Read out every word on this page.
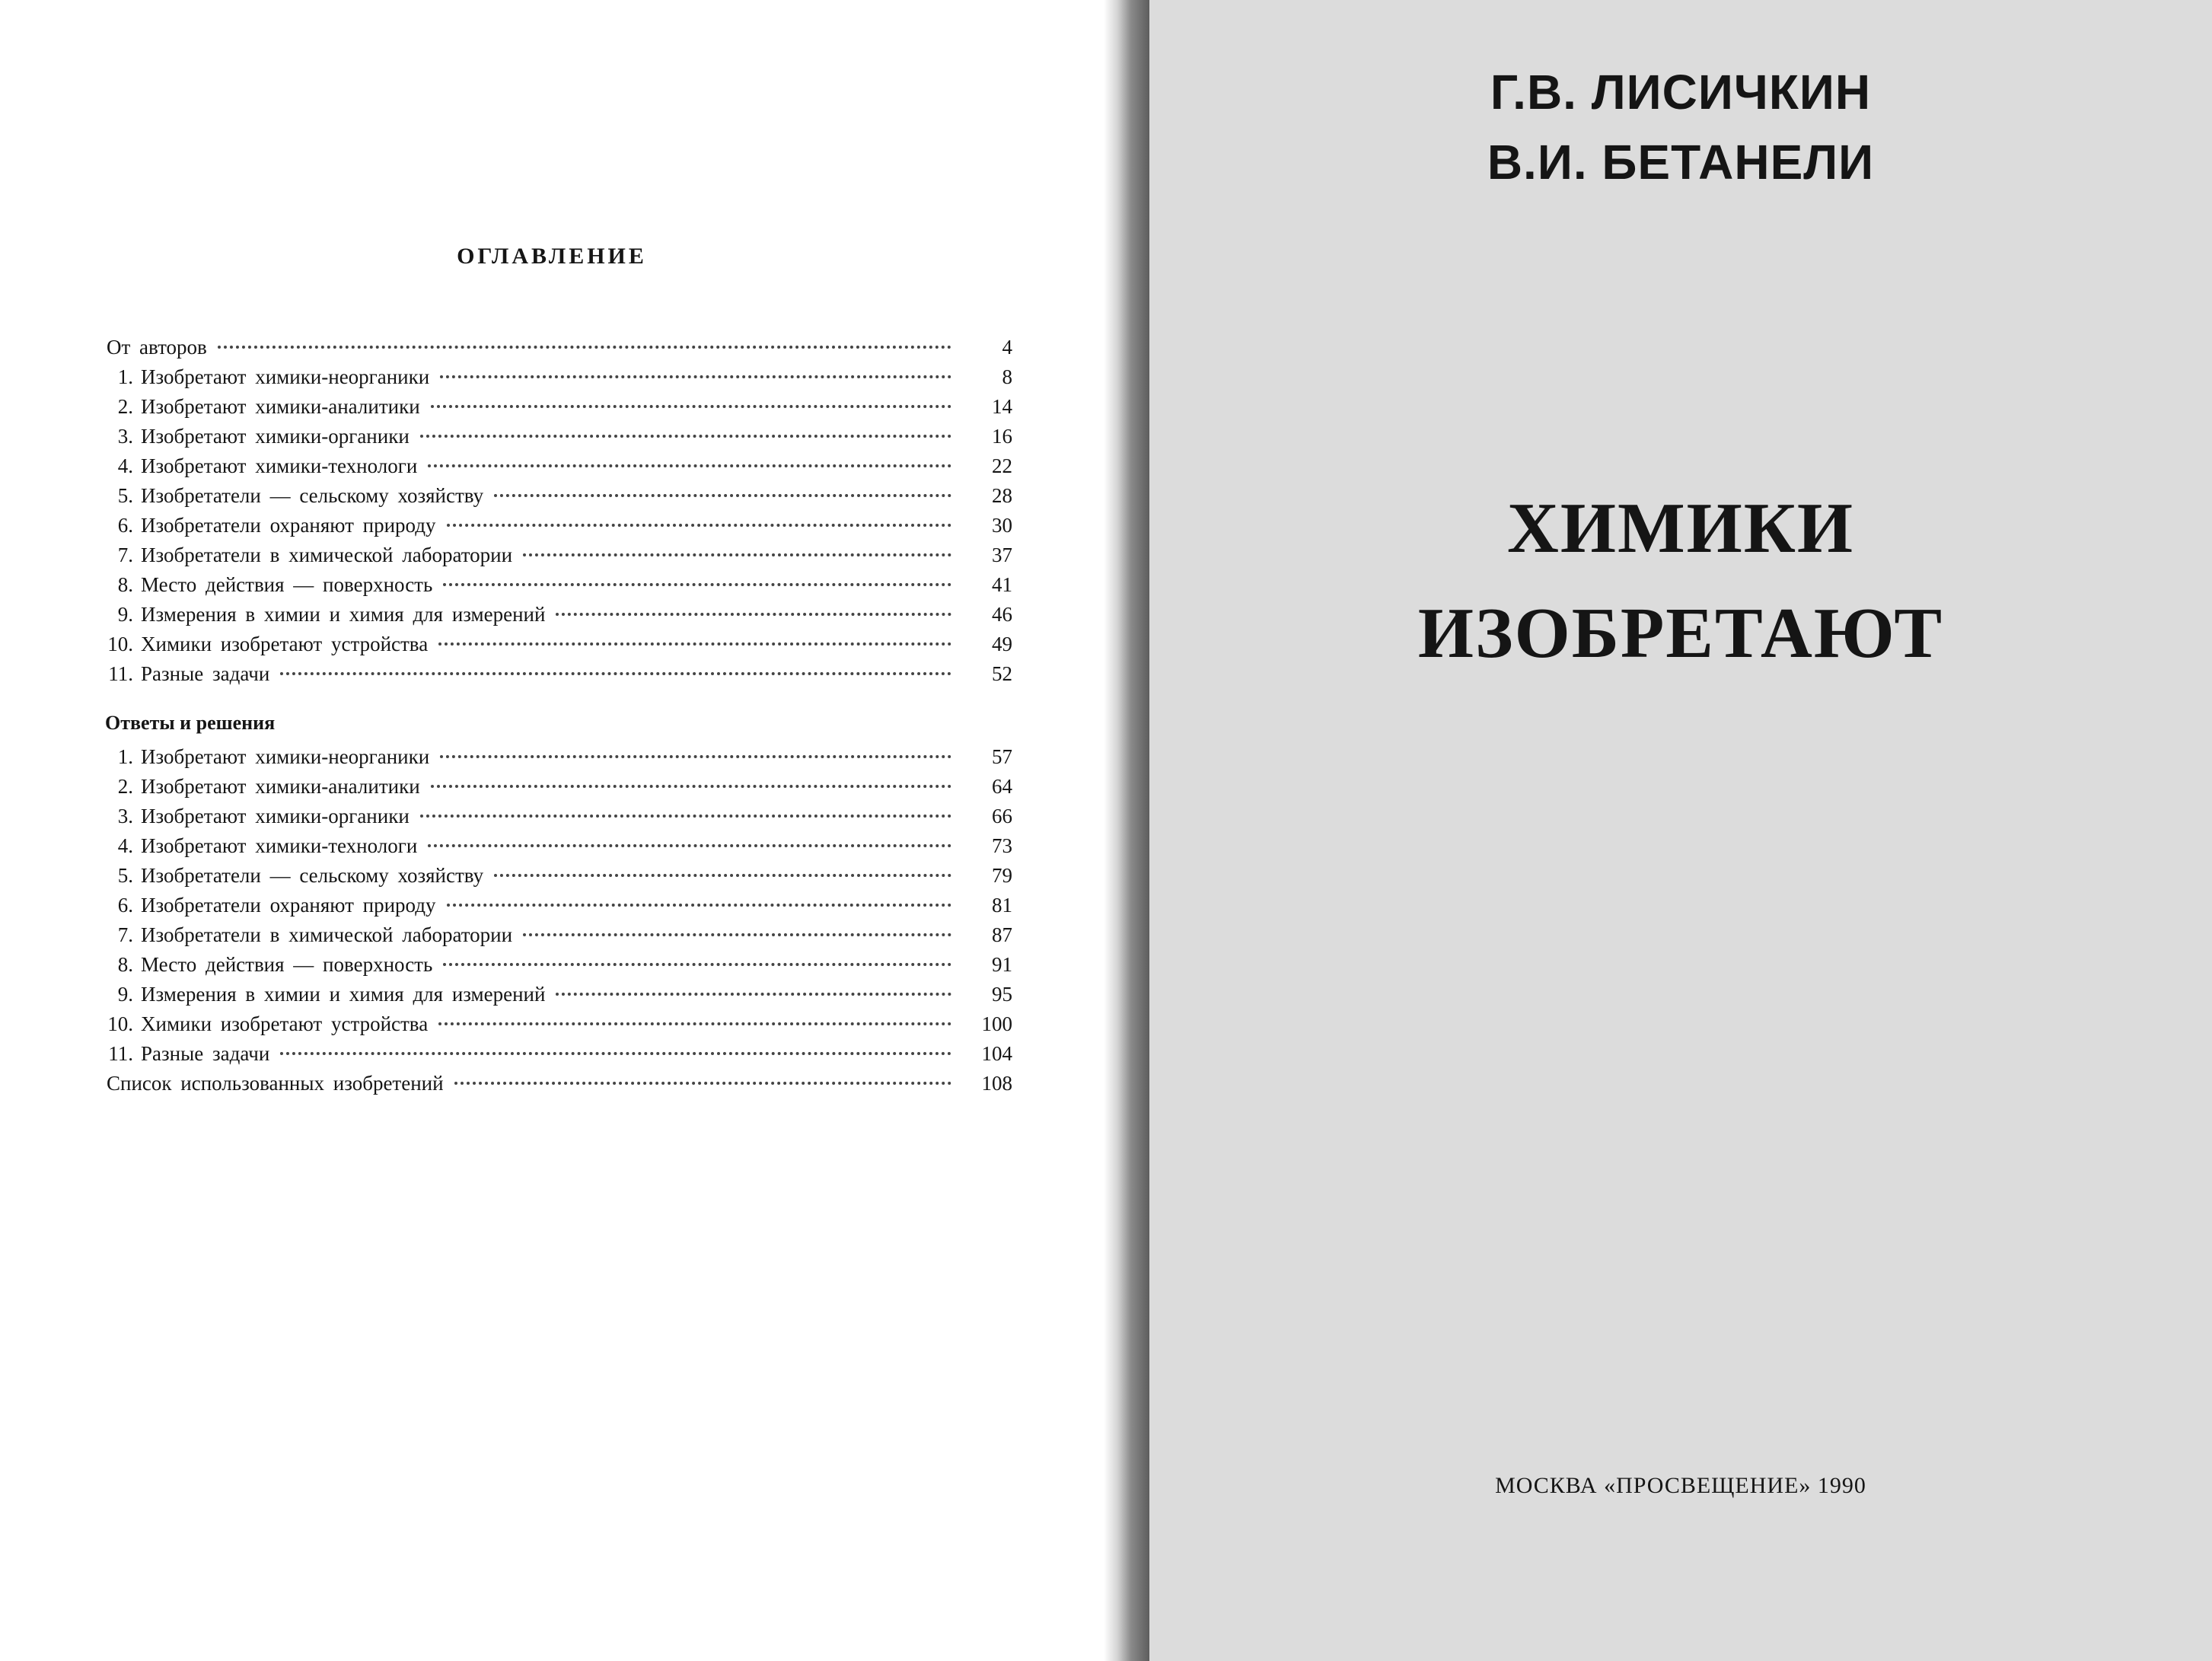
ОГЛАВЛЕНИЕ
От авторов	4
1. Изобретают химики-неорганики	8
2. Изобретают химики-аналитики	14
3. Изобретают химики-органики	16
4. Изобретают химики-технологи	22
5. Изобретатели — сельскому хозяйству	28
6. Изобретатели охраняют природу	30
7. Изобретатели в химической лаборатории	37
8. Место действия — поверхность	41
9. Измерения в химии и химия для измерений	46
10. Химики изобретают устройства	49
11. Разные задачи	52
Ответы и решения
1. Изобретают химики-неорганики	57
2. Изобретают химики-аналитики	64
3. Изобретают химики-органики	66
4. Изобретают химики-технологи	73
5. Изобретатели — сельскому хозяйству	79
6. Изобретатели охраняют природу	81
7. Изобретатели в химической лаборатории	87
8. Место действия — поверхность	91
9. Измерения в химии и химия для измерений	95
10. Химики изобретают устройства	100
11. Разные задачи	104
Список использованных изобретений	108
Г.В. ЛИСИЧКИН
В.И. БЕТАНЕЛИ
ХИМИКИ
ИЗОБРЕТАЮТ
МОСКВА «ПРОСВЕЩЕНИЕ» 1990
